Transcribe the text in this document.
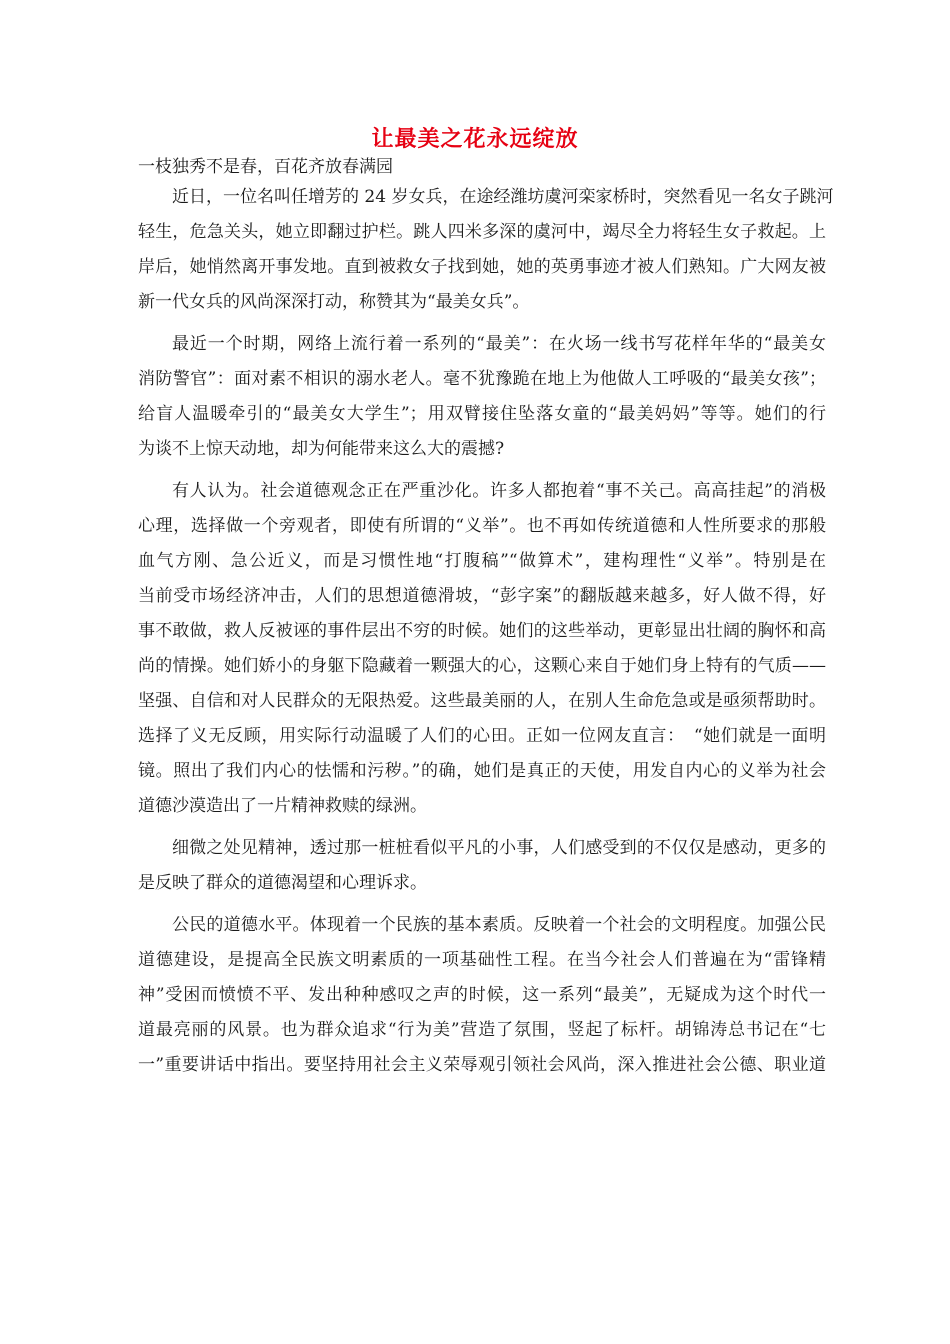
让最美之花永远绽放
一枝独秀不是春，百花齐放春满园
近日，一位名叫任增芳的 24 岁女兵，在途经潍坊虞河栾家桥时，突然看见一名女子跳河
轻生，危急关头，她立即翻过护栏。跳人四米多深的虞河中，竭尽全力将轻生女子救起。上
岸后，她悄然离开事发地。直到被救女子找到她，她的英勇事迹才被人们熟知。广大网友被
新一代女兵的风尚深深打动，称赞其为“最美女兵”。
最近一个时期，网络上流行着一系列的“最美”：在火场一线书写花样年华的“最美女
消防警官”：面对素不相识的溺水老人。毫不犹豫跪在地上为他做人工呼吸的“最美女孩”；
给盲人温暖牵引的“最美女大学生”；用双臂接住坠落女童的“最美妈妈”等等。她们的行
为谈不上惊天动地，却为何能带来这么大的震撼?
有人认为。社会道德观念正在严重沙化。许多人都抱着“事不关己。高高挂起”的消极
心理，选择做一个旁观者，即使有所谓的“义举”。也不再如传统道德和人性所要求的那般
血气方刚、急公近义，而是习惯性地“打腹稿”“做算术”，建构理性“义举”。特别是在
当前受市场经济冲击，人们的思想道德滑坡，“彭字案”的翻版越来越多，好人做不得，好
事不敢做，救人反被诬的事件层出不穷的时候。她们的这些举动，更彰显出壮阔的胸怀和高
尚的情操。她们娇小的身躯下隐藏着一颗强大的心，这颗心来自于她们身上特有的气质——
坚强、自信和对人民群众的无限热爱。这些最美丽的人，在别人生命危急或是亟须帮助时。
选择了义无反顾，用实际行动温暖了人们的心田。正如一位网友直言：　“她们就是一面明
镜。照出了我们内心的怯懦和污秽。”的确，她们是真正的天使，用发自内心的义举为社会
道德沙漠造出了一片精神救赎的绿洲。
细微之处见精神，透过那一桩桩看似平凡的小事，人们感受到的不仅仅是感动，更多的
是反映了群众的道德渴望和心理诉求。
公民的道德水平。体现着一个民族的基本素质。反映着一个社会的文明程度。加强公民
道德建设，是提高全民族文明素质的一项基础性工程。在当今社会人们普遍在为“雷锋精
神”受困而愤愤不平、发出种种感叹之声的时候，这一系列“最美”，无疑成为这个时代一
道最亮丽的风景。也为群众追求“行为美”营造了氛围，竖起了标杆。胡锦涛总书记在“七
一”重要讲话中指出。要坚持用社会主义荣辱观引领社会风尚，深入推进社会公德、职业道
